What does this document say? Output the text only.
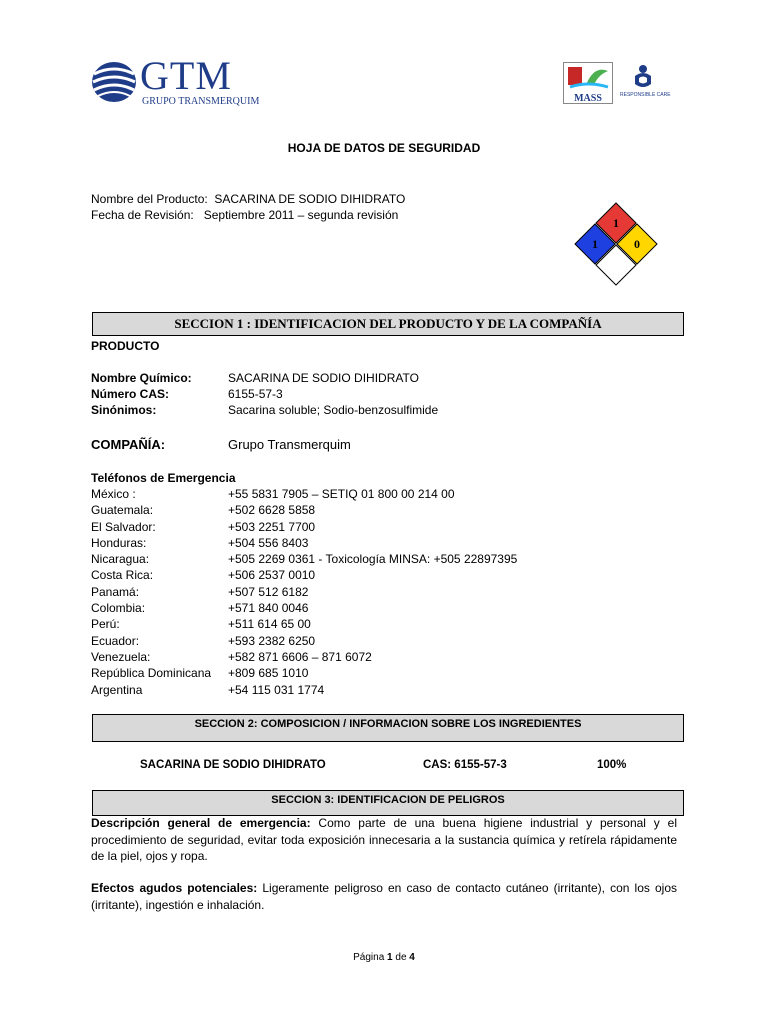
GTM
GRUPO TRANSMERQUIM	MASS	RESPONSIBLE CARE
HOJA DE DATOS DE SEGURIDAD
Nombre del Producto: SACARINA DE SODIO DIHIDRATO
Fecha de Revisión: Septiembre 2011 – segunda revisión
1
1	0
SECCION 1 : IDENTIFICACION DEL PRODUCTO Y DE LA COMPAÑÍA
PRODUCTO
Nombre Químico:	SACARINA DE SODIO DIHIDRATO
Número CAS:	6155-57-3
Sinónimos:	Sacarina soluble; Sodio-benzosulfimide
COMPAÑÍA:	Grupo Transmerquim
Teléfonos de Emergencia
México :	+55 5831 7905 – SETIQ 01 800 00 214 00
Guatemala:	+502 6628 5858
El Salvador:	+503 2251 7700
Honduras:	+504 556 8403
Nicaragua:	+505 2269 0361 - Toxicología MINSA: +505 22897395
Costa Rica:	+506 2537 0010
Panamá:	+507 512 6182
Colombia:	+571 840 0046
Perú:	+511 614 65 00
Ecuador:	+593 2382 6250
Venezuela:	+582 871 6606 – 871 6072
República Dominicana +809 685 1010
Argentina	+54 115 031 1774
SECCION 2: COMPOSICION / INFORMACION SOBRE LOS INGREDIENTES
SACARINA DE SODIO DIHIDRATO	CAS: 6155-57-3	100%
SECCION 3: IDENTIFICACION DE PELIGROS
Descripción general de emergencia: Como parte de una buena higiene industrial y personal y el procedimiento de seguridad, evitar toda exposición innecesaria a la sustancia química y retírela rápidamente de la piel, ojos y ropa.
Efectos agudos potenciales: Ligeramente peligroso en caso de contacto cutáneo (irritante), con los ojos (irritante), ingestión e inhalación.
Página 1 de 4
